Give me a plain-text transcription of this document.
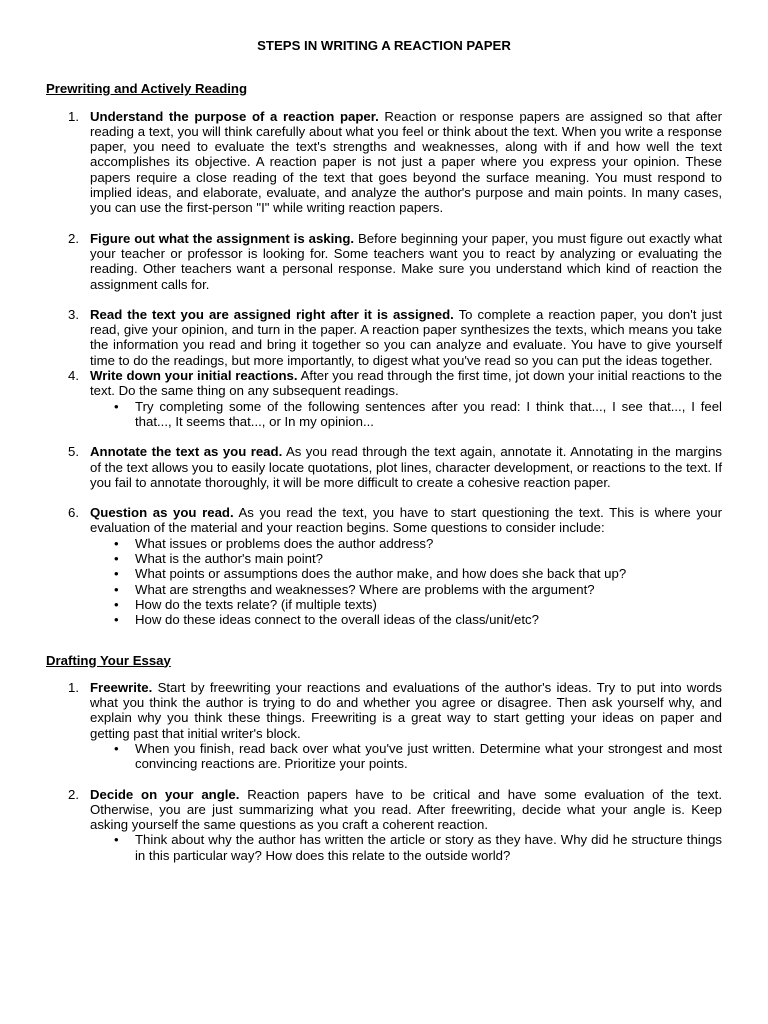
STEPS IN WRITING A REACTION PAPER
Prewriting and Actively Reading
1. Understand the purpose of a reaction paper. Reaction or response papers are assigned so that after reading a text, you will think carefully about what you feel or think about the text. When you write a response paper, you need to evaluate the text's strengths and weaknesses, along with if and how well the text accomplishes its objective. A reaction paper is not just a paper where you express your opinion. These papers require a close reading of the text that goes beyond the surface meaning. You must respond to implied ideas, and elaborate, evaluate, and analyze the author's purpose and main points. In many cases, you can use the first-person "I" while writing reaction papers.
2. Figure out what the assignment is asking. Before beginning your paper, you must figure out exactly what your teacher or professor is looking for. Some teachers want you to react by analyzing or evaluating the reading. Other teachers want a personal response. Make sure you understand which kind of reaction the assignment calls for.
3. Read the text you are assigned right after it is assigned. To complete a reaction paper, you don't just read, give your opinion, and turn in the paper. A reaction paper synthesizes the texts, which means you take the information you read and bring it together so you can analyze and evaluate. You have to give yourself time to do the readings, but more importantly, to digest what you've read so you can put the ideas together.
4. Write down your initial reactions. After you read through the first time, jot down your initial reactions to the text. Do the same thing on any subsequent readings.
• Try completing some of the following sentences after you read: I think that..., I see that..., I feel that..., It seems that..., or In my opinion...
5. Annotate the text as you read. As you read through the text again, annotate it. Annotating in the margins of the text allows you to easily locate quotations, plot lines, character development, or reactions to the text. If you fail to annotate thoroughly, it will be more difficult to create a cohesive reaction paper.
6. Question as you read. As you read the text, you have to start questioning the text. This is where your evaluation of the material and your reaction begins. Some questions to consider include:
• What issues or problems does the author address?
• What is the author's main point?
• What points or assumptions does the author make, and how does she back that up?
• What are strengths and weaknesses? Where are problems with the argument?
• How do the texts relate? (if multiple texts)
• How do these ideas connect to the overall ideas of the class/unit/etc?
Drafting Your Essay
1. Freewrite. Start by freewriting your reactions and evaluations of the author's ideas. Try to put into words what you think the author is trying to do and whether you agree or disagree. Then ask yourself why, and explain why you think these things. Freewriting is a great way to start getting your ideas on paper and getting past that initial writer's block.
• When you finish, read back over what you've just written. Determine what your strongest and most convincing reactions are. Prioritize your points.
2. Decide on your angle. Reaction papers have to be critical and have some evaluation of the text. Otherwise, you are just summarizing what you read. After freewriting, decide what your angle is. Keep asking yourself the same questions as you craft a coherent reaction.
• Think about why the author has written the article or story as they have. Why did he structure things in this particular way? How does this relate to the outside world?
